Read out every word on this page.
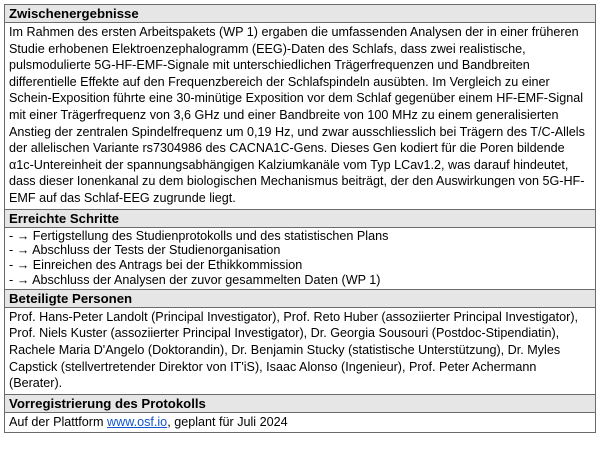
Zwischenergebnisse

Im Rahmen des ersten Arbeitspakets (WP 1) ergaben die umfassenden Analysen der in einer früheren Studie erhobenen Elektroenzephalogramm (EEG)-Daten des Schlafs, dass zwei realistische, pulsmodulierte 5G-HF-EMF-Signale mit unterschiedlichen Trägerfrequenzen und Bandbreiten differentielle Effekte auf den Frequenzbereich der Schlafspindeln ausübten. Im Vergleich zu einer Schein-Exposition führte eine 30-minütige Exposition vor dem Schlaf gegenüber einem HF-EMF-Signal mit einer Trägerfrequenz von 3,6 GHz und einer Bandbreite von 100 MHz zu einem generalisierten Anstieg der zentralen Spindelfrequenz um 0,19 Hz, und zwar ausschliesslich bei Trägern des T/C-Allels der allelischen Variante rs7304986 des CACNA1C-Gens. Dieses Gen kodiert für die Poren bildende α1c-Untereinheit der spannungsabhängigen Kalziumkanäle vom Typ LCav1.2, was darauf hindeutet, dass dieser Ionenkanal zu dem biologischen Mechanismus beiträgt, der den Auswirkungen von 5G-HF-EMF auf das Schlaf-EEG zugrunde liegt.

Erreichte Schritte
- → Fertigstellung des Studienprotokolls und des statistischen Plans
- → Abschluss der Tests der Studienorganisation
- → Einreichen des Antrags bei der Ethikkommission
- → Abschluss der Analysen der zuvor gesammelten Daten (WP 1)
Beteiligte Personen

Prof. Hans-Peter Landolt (Principal Investigator), Prof. Reto Huber (assoziierter Principal Investigator), Prof. Niels Kuster (assoziierter Principal Investigator), Dr. Georgia Sousouri (Postdoc-Stipendiatin), Rachele Maria D'Angelo (Doktorandin), Dr. Benjamin Stucky (statistische Unterstützung), Dr. Myles Capstick (stellvertretender Direktor von IT'iS), Isaac Alonso (Ingenieur), Prof. Peter Achermann (Berater).

Vorregistrierung des Protokolls

Auf der Plattform www.osf.io, geplant für Juli 2024
